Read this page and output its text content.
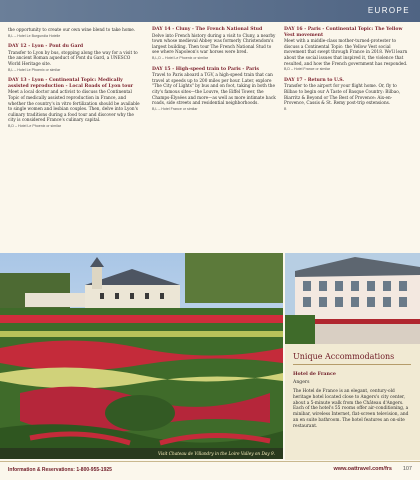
EUROPE
the opportunity to create our own wine blend to take home.
B,L – Hotel Le Burgundia Hotelle
DAY 12 - Lyon - Pont du Gard
Transfer to Lyon by bus, stopping along the way for a visit to the ancient Roman aqueduct of Pont du Gard, a UNESCO World Heritage site.
B,L – Hotel Le Phoenix or similar
DAY 13 - Lyon - Continental Topic: Medically assisted reproduction - Local Roads of Lyon tour
Meet a local doctor and activist to discuss the Continental Topic of medically assisted reproduction in France, and whether the country's in vitro fertilization should be available to single women and lesbian couples. Then, delve into Lyon's culinary traditions during a food tour and discover why the city is considered France's culinary capital.
B,D – Hotel Le Phoenix or similar
DAY 14 - Cluny - The French National Stud
Delve into French history during a visit to Cluny, a nearby town whose medieval Abbey was formerly Christendom's largest building. Then tour The French National Stud to see where Napoleon's war horses were bred.
B,L,D – Hotel Le Phoenix or similar
DAY 15 - High-speed train to Paris - Paris
Travel to Paris aboard a TGV, a high-speed train that can travel at speeds up to 200 miles per hour. Later, explore "The City of Lights" by bus and on foot, taking in both the city's famous sites—the Louvre, the Eiffel Tower, the Champs-Élysées and more—as well as more intimate back roads, side streets and residential neighborhoods.
B,L – Hotel France or similar
DAY 16 - Paris - Continental Topic: The Yellow Vest movement
Meet with a middle-class mother-turned-protester to discuss a Continental Topic: the Yellow Vest social movement that swept through France in 2018. We'll learn about the social issues that inspired it, the violence that resulted, and how the French government has responded.
B,D – Hotel France or similar
DAY 17 - Return to U.S.
Transfer to the airport for your flight home. Or, fly to Bilbao to begin our A Taste of Basque Country: Bilbao, Biarritz & Beyond or The Best of Provence: Aix-en-Provence, Cassis & St. Remy post-trip extensions.
B
Visit Chateau de Villandry in the Loire Valley on Day 9.
Unique Accommodations
Hotel de France
Angers
The Hotel de France is an elegant, century-old heritage hotel located close to Angers's city center, about a 5-minute walk from the Château d'Angers. Each of the hotel's 55 rooms offer air-conditioning, a minibar, wireless Internet, flat-screen television, and an en suite bathroom. The hotel features an on-site restaurant.
Information & Reservations: 1-800-955-1925	www.oattravel.com/frs 107
